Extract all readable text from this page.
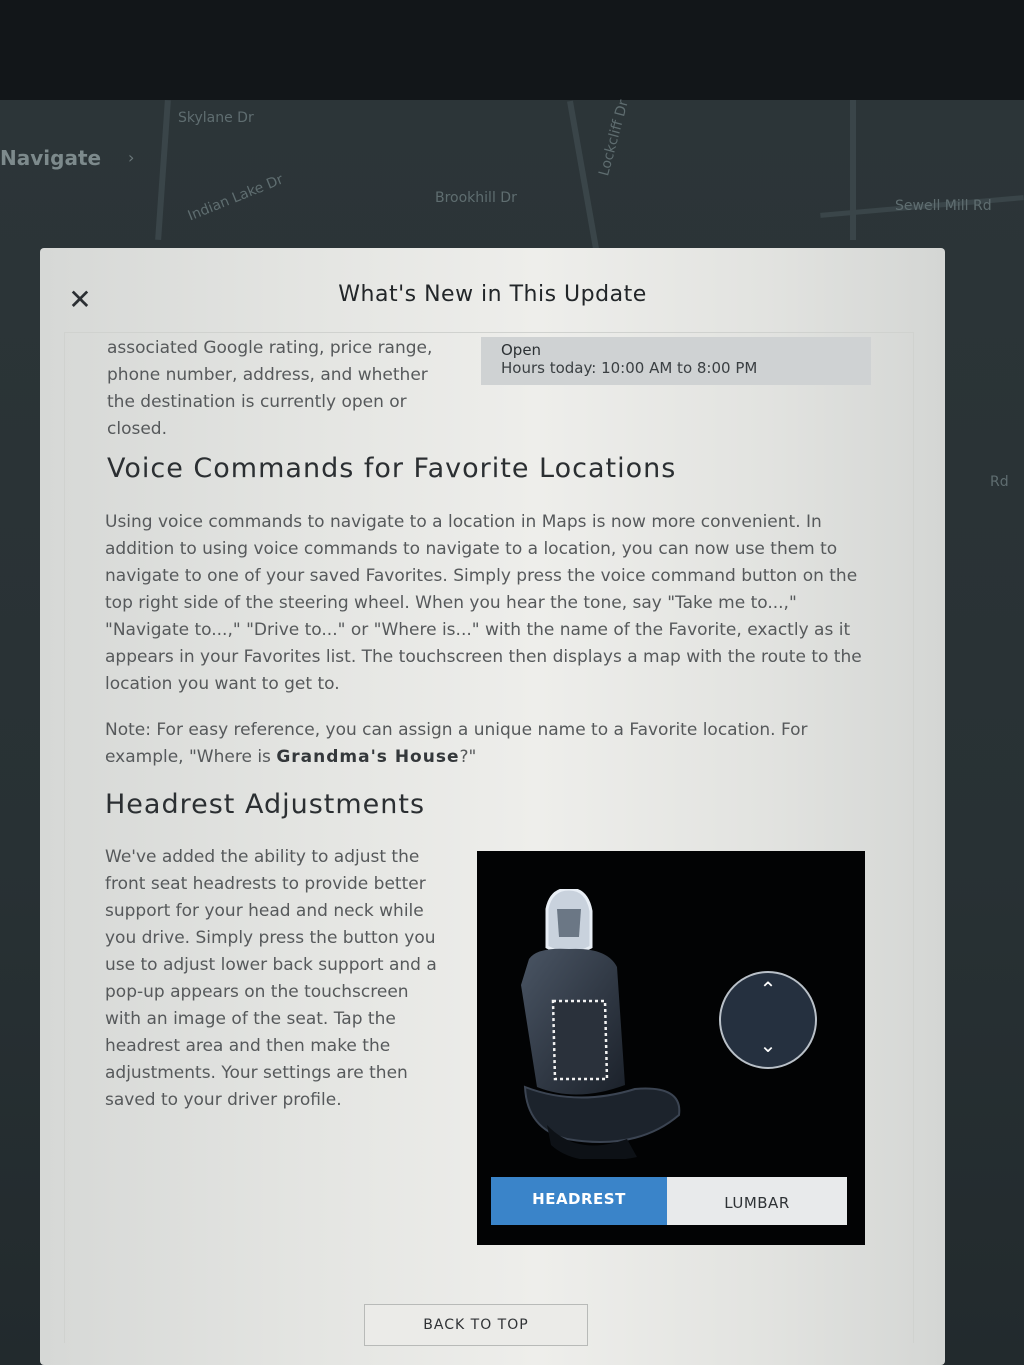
Skylane Dr
Indian Lake Dr	Brookhill Dr
Lockcliff Dr
Sewell Mill Rd
Rd
Navigate ›
✕	What's New in This Update
associated Google rating, price range, phone number, address, and whether the destination is currently open or closed.
Open
Hours today: 10:00 AM to 8:00 PM
Voice Commands for Favorite Locations
Using voice commands to navigate to a location in Maps is now more convenient. In addition to using voice commands to navigate to a location, you can now use them to navigate to one of your saved Favorites. Simply press the voice command button on the top right side of the steering wheel. When you hear the tone, say "Take me to...," "Navigate to...," "Drive to..." or "Where is..." with the name of the Favorite, exactly as it appears in your Favorites list. The touchscreen then displays a map with the route to the location you want to get to.
Note: For easy reference, you can assign a unique name to a Favorite location. For example, "Where is Grandma's House?"
Headrest Adjustments
We've added the ability to adjust the front seat headrests to provide better support for your head and neck while you drive. Simply press the button you use to adjust lower back support and a pop-up appears on the touchscreen with an image of the seat. Tap the headrest area and then make the adjustments. Your settings are then saved to your driver profile.
⌃
⌄
HEADREST	LUMBAR
BACK TO TOP
